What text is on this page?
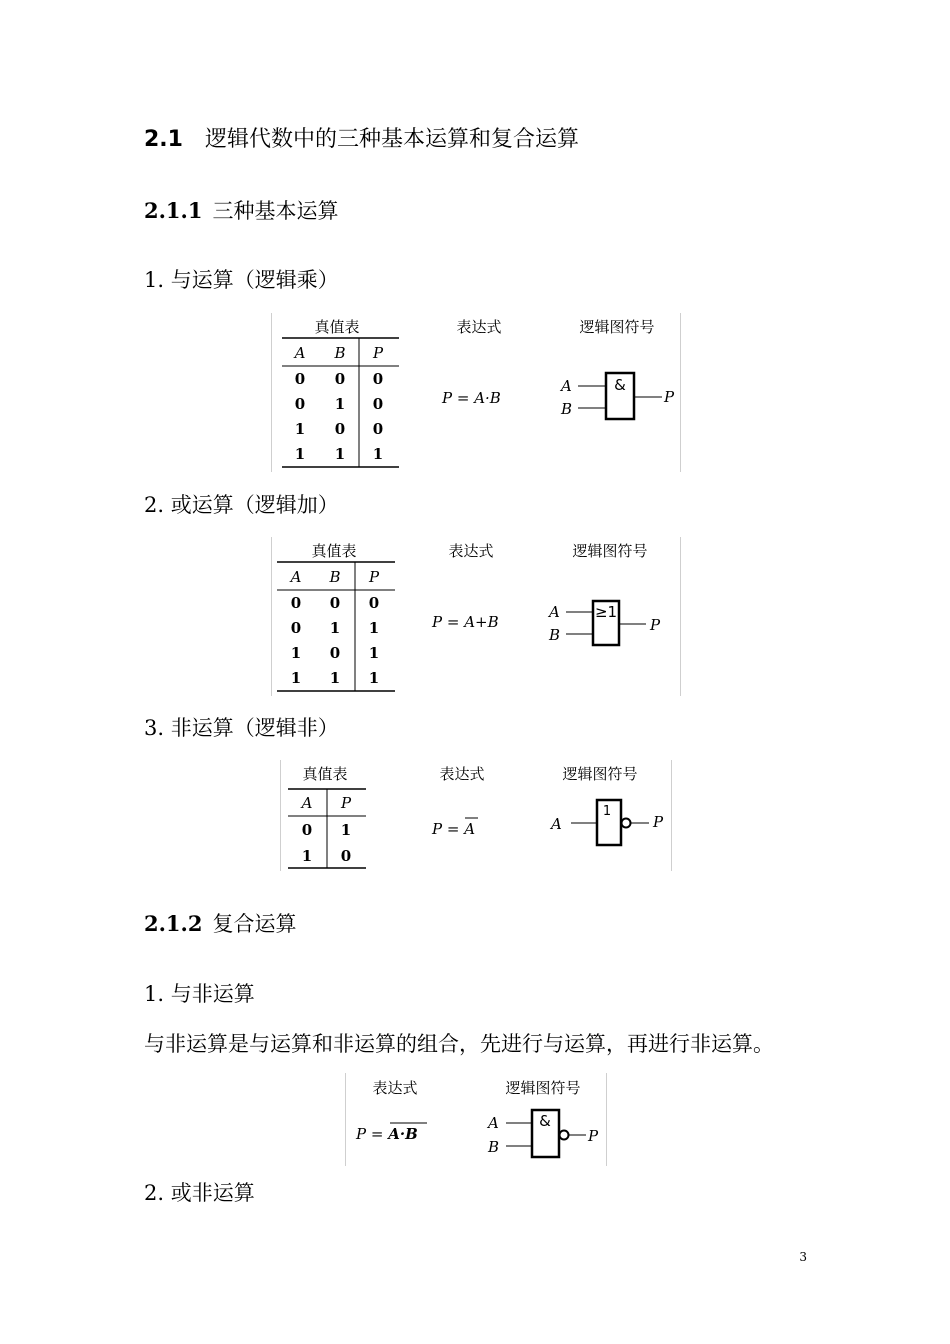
2.1 逻辑代数中的三种基本运算和复合运算
2.1.1 三种基本运算
1. 与运算（逻辑乘）
真值表	表达式	逻辑图符号
A B P
0 0 0
0 1 0
1 0 0
1 1 1
P = A·B
&
A
B
P
2. 或运算（逻辑加）
真值表	表达式	逻辑图符号
A B P
0 0 0
0 1 1
1 0 1
1 1 1
P = A+B
≥1
A
B
P
3. 非运算（逻辑非）
真值表	表达式	逻辑图符号
A P
0 1
1 0
P = A
1
A	P
2.1.2 复合运算
1. 与非运算
与非运算是与运算和非运算的组合，先进行与运算，再进行非运算。
表达式	逻辑图符号
P = A·B
&
A
B
P
2. 或非运算
3
